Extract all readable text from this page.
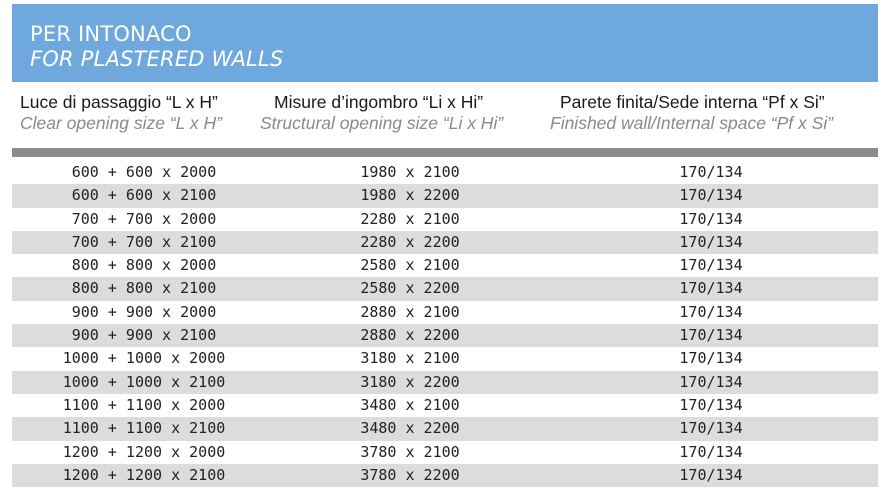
PER INTONACO
FOR PLASTERED WALLS
Luce di passaggio “L x H”
Clear opening size “L x H”
Misure d’ingombro “Li x Hi”
Structural opening size “Li x Hi”
Parete finita/Sede interna “Pf x Si”
Finished wall/Internal space “Pf x Si”
600 + 600 x 2000	1980 x 2100	170/134
600 + 600 x 2100	1980 x 2200	170/134
700 + 700 x 2000	2280 x 2100	170/134
700 + 700 x 2100	2280 x 2200	170/134
800 + 800 x 2000	2580 x 2100	170/134
800 + 800 x 2100	2580 x 2200	170/134
900 + 900 x 2000	2880 x 2100	170/134
900 + 900 x 2100	2880 x 2200	170/134
1000 + 1000 x 2000	3180 x 2100	170/134
1000 + 1000 x 2100	3180 x 2200	170/134
1100 + 1100 x 2000	3480 x 2100	170/134
1100 + 1100 x 2100	3480 x 2200	170/134
1200 + 1200 x 2000	3780 x 2100	170/134
1200 + 1200 x 2100	3780 x 2200	170/134
